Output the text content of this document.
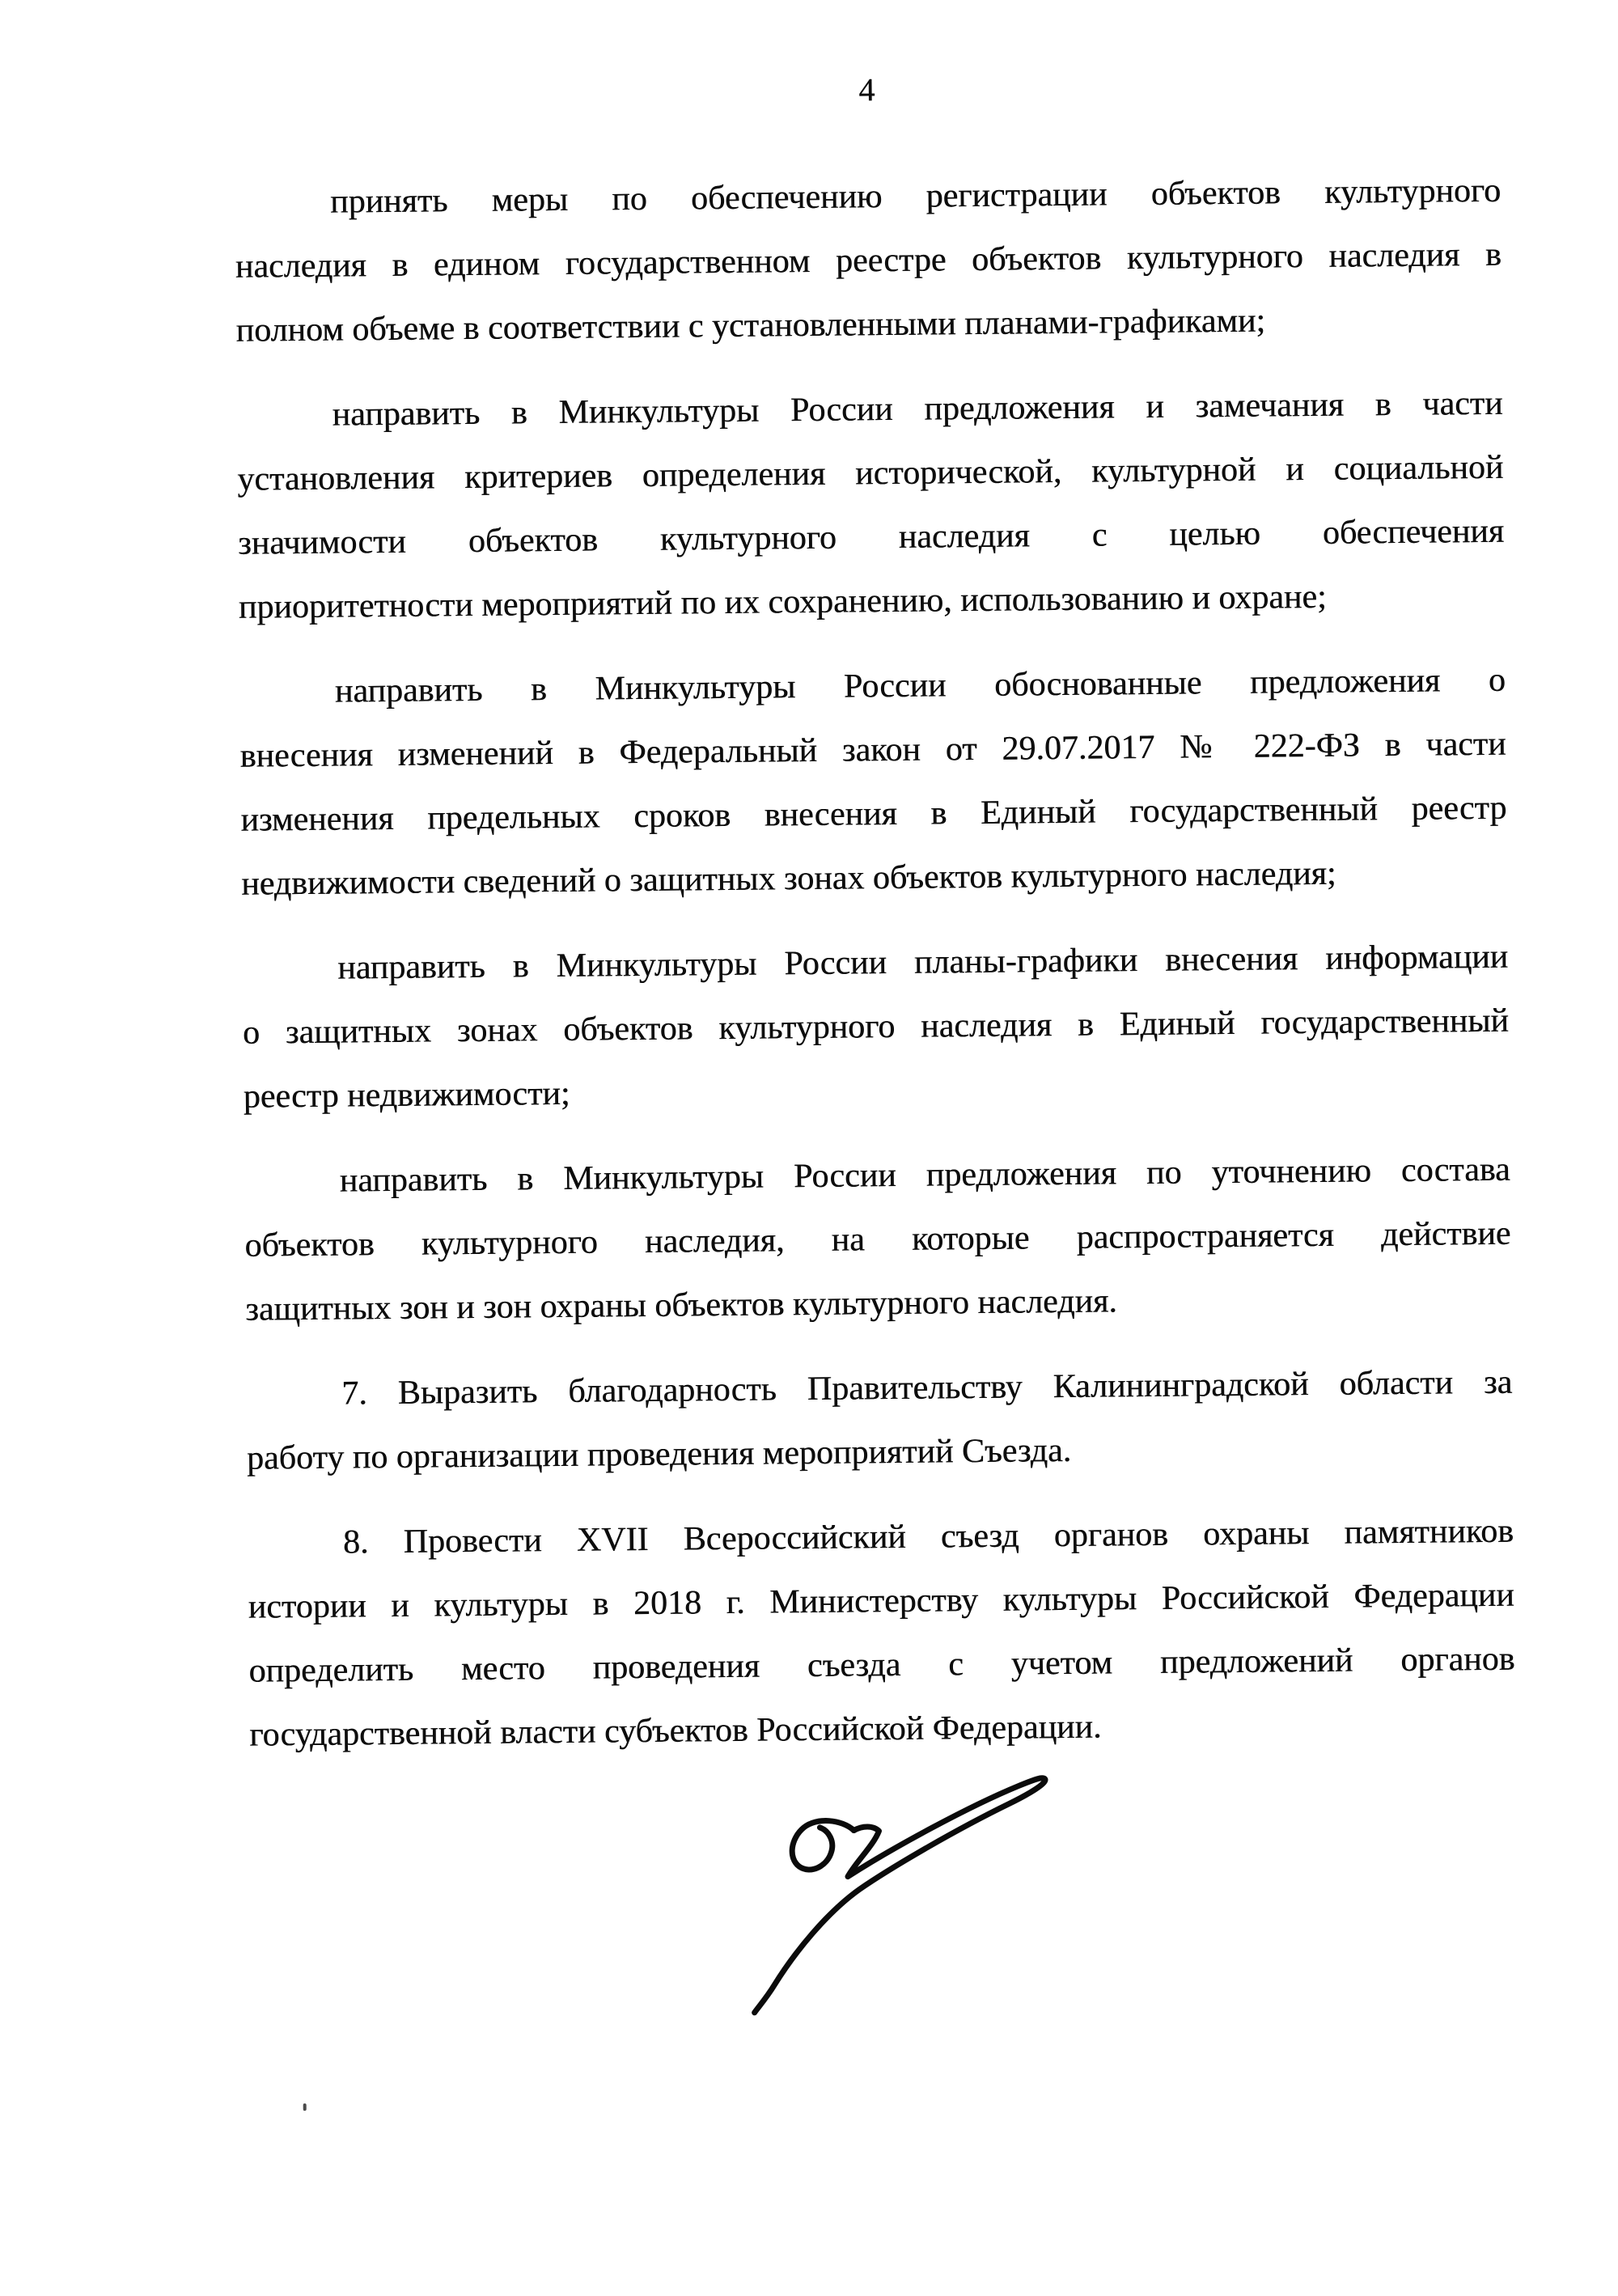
4
принять меры по обеспечению регистрации объектов культурного
наследия в едином государственном реестре объектов культурного наследия в
полном объеме в соответствии с установленными планами-графиками;
направить в Минкультуры России предложения и замечания в части
установления критериев определения исторической, культурной и социальной
значимости объектов культурного наследия с целью обеспечения
приоритетности мероприятий по их сохранению, использованию и охране;
направить в Минкультуры России обоснованные предложения о
внесения изменений в Федеральный закон от 29.07.2017 № 222-ФЗ в части
изменения предельных сроков внесения в Единый государственный реестр
недвижимости сведений о защитных зонах объектов культурного наследия;
направить в Минкультуры России планы-графики внесения информации
о защитных зонах объектов культурного наследия в Единый государственный
реестр недвижимости;
направить в Минкультуры России предложения по уточнению состава
объектов культурного наследия, на которые распространяется действие
защитных зон и зон охраны объектов культурного наследия.
7. Выразить благодарность Правительству Калининградской области за
работу по организации проведения мероприятий Съезда.
8. Провести XVII Всероссийский съезд органов охраны памятников
истории и культуры в 2018 г. Министерству культуры Российской Федерации
определить место проведения съезда с учетом предложений органов
государственной власти субъектов Российской Федерации.
